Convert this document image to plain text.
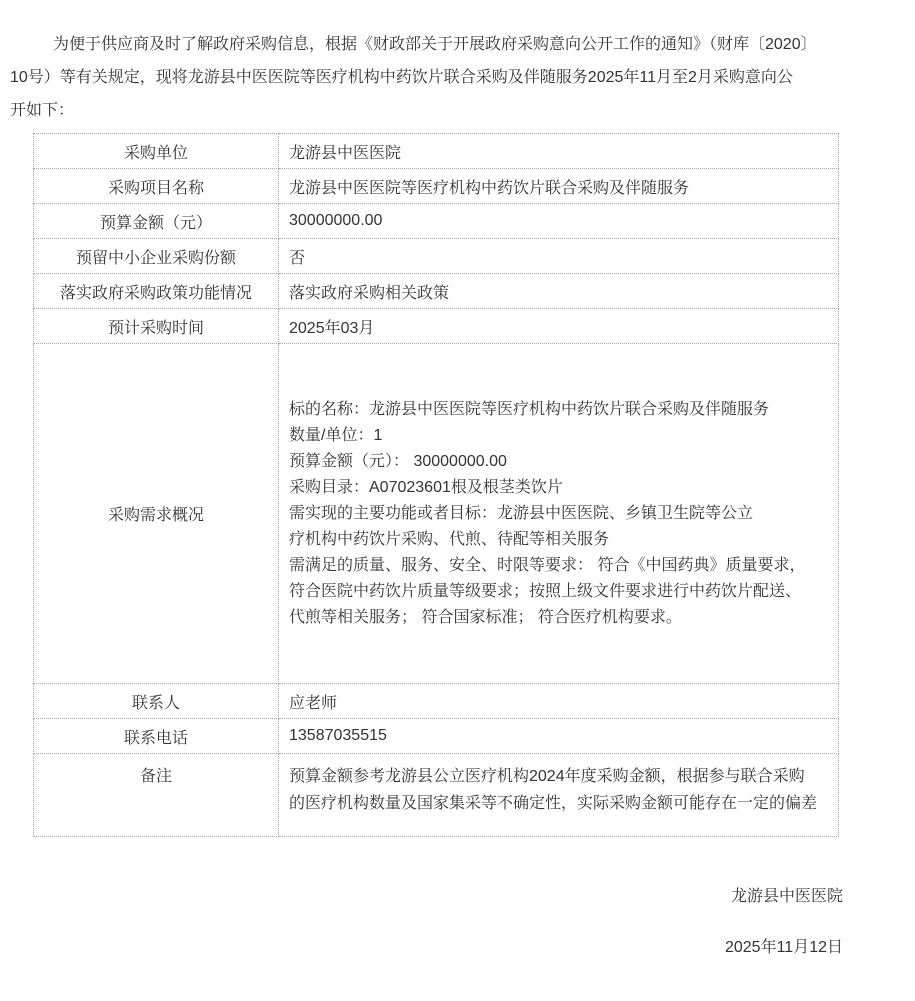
为便于供应商及时了解政府采购信息，根据《财政部关于开展政府采购意向公开工作的通知》（财库〔2020〕
10号）等有关规定，现将龙游县中医医院等医疗机构中药饮片联合采购及伴随服务2025年11月至2月采购意向公
开如下：
采购单位	龙游县中医医院
采购项目名称	龙游县中医医院等医疗机构中药饮片联合采购及伴随服务
预算金额（元）	30000000.00
预留中小企业采购份额	否
落实政府采购政策功能情况	落实政府采购相关政策
预计采购时间	2025年03月
采购需求概况	
标的名称：龙游县中医医院等医疗机构中药饮片联合采购及伴随服务
数量/单位：1
预算金额（元）： 30000000.00
采购目录：A07023601根及根茎类饮片
需实现的主要功能或者目标：龙游县中医医院、乡镇卫生院等公立
疗机构中药饮片采购、代煎、待配等相关服务
需满足的质量、服务、安全、时限等要求： 符合《中国药典》质量要求，
符合医院中药饮片质量等级要求；按照上级文件要求进行中药饮片配送、
代煎等相关服务； 符合国家标准； 符合医疗机构要求。

联系人	应老师
联系电话	13587035515
备注	预算金额参考龙游县公立医疗机构2024年度采购金额，根据参与联合采购
的医疗机构数量及国家集采等不确定性，实际采购金额可能存在一定的偏差
龙游县中医医院
2025年11月12日
